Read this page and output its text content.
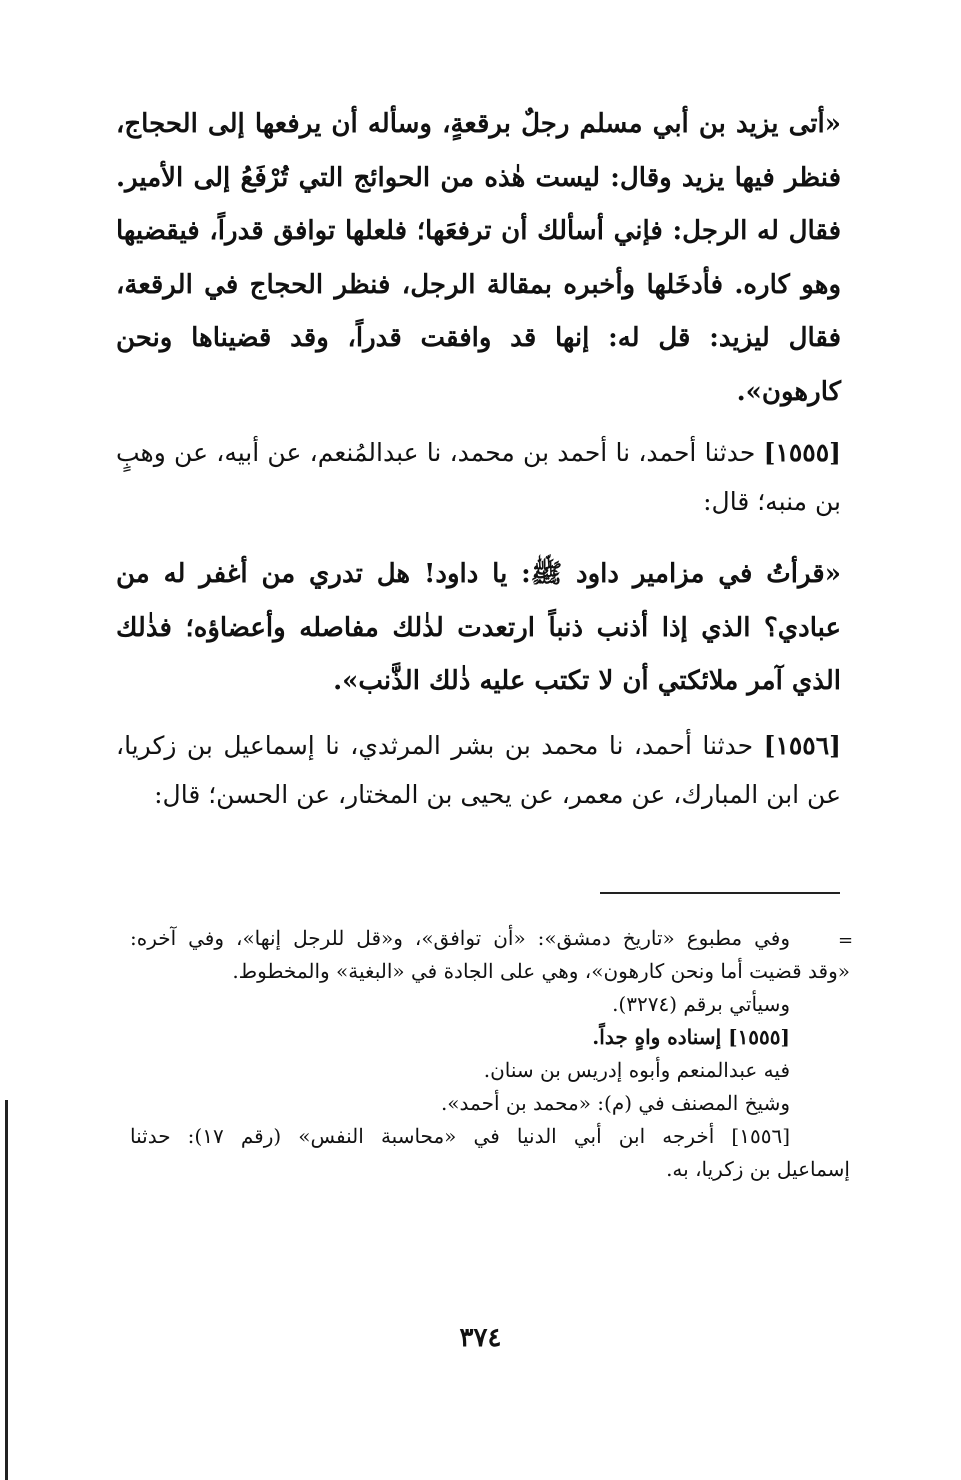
«أتى يزيد بن أبي مسلم رجلٌ برقعةٍ، وسأله أن يرفعها إلى الحجاج، فنظر فيها يزيد وقال: ليست هٰذه من الحوائج التي تُرْفَعُ إلى الأمير. فقال له الرجل: فإني أسألك أن ترفعَها؛ فلعلها توافق قدراً، فيقضيها وهو كاره. فأدخَلها وأخبره بمقالة الرجل، فنظر الحجاج في الرقعة، فقال ليزيد: قل له: إنها قد وافقت قدراً، وقد قضيناها ونحن كارهون».
[١٥٥٥] حدثنا أحمد، نا أحمد بن محمد، نا عبدالمُنعم، عن أبيه، عن وهبٍ بن منبه؛ قال:
«قرأتُ في مزامير داود ﷺ: يا داود! هل تدري من أغفر له من عبادي؟ الذي إذا أذنب ذنباً ارتعدت لذٰلك مفاصله وأعضاؤه؛ فذٰلك الذي آمر ملائكتي أن لا تكتب عليه ذٰلك الذَّنب».
[١٥٥٦] حدثنا أحمد، نا محمد بن بشر المرثدي، نا إسماعيل بن زكريا، عن ابن المبارك، عن معمر، عن يحيى بن المختار، عن الحسن؛ قال:
=
وفي مطبوع «تاريخ دمشق»: «أن توافق»، و«قل للرجل إنها»، وفي آخره:
«وقد قضيت أما ونحن كارهون»، وهي على الجادة في «البغية» والمخطوط.
وسيأتي برقم (٣٢٧٤).
[١٥٥٥] إسناده واهٍ جداً.
فيه عبدالمنعم وأبوه إدريس بن سنان.
وشيخ المصنف في (م): «محمد بن أحمد».
[١٥٥٦] أخرجه ابن أبي الدنيا في «محاسبة النفس» (رقم ١٧): حدثنا
إسماعيل بن زكريا، به.
٣٧٤
